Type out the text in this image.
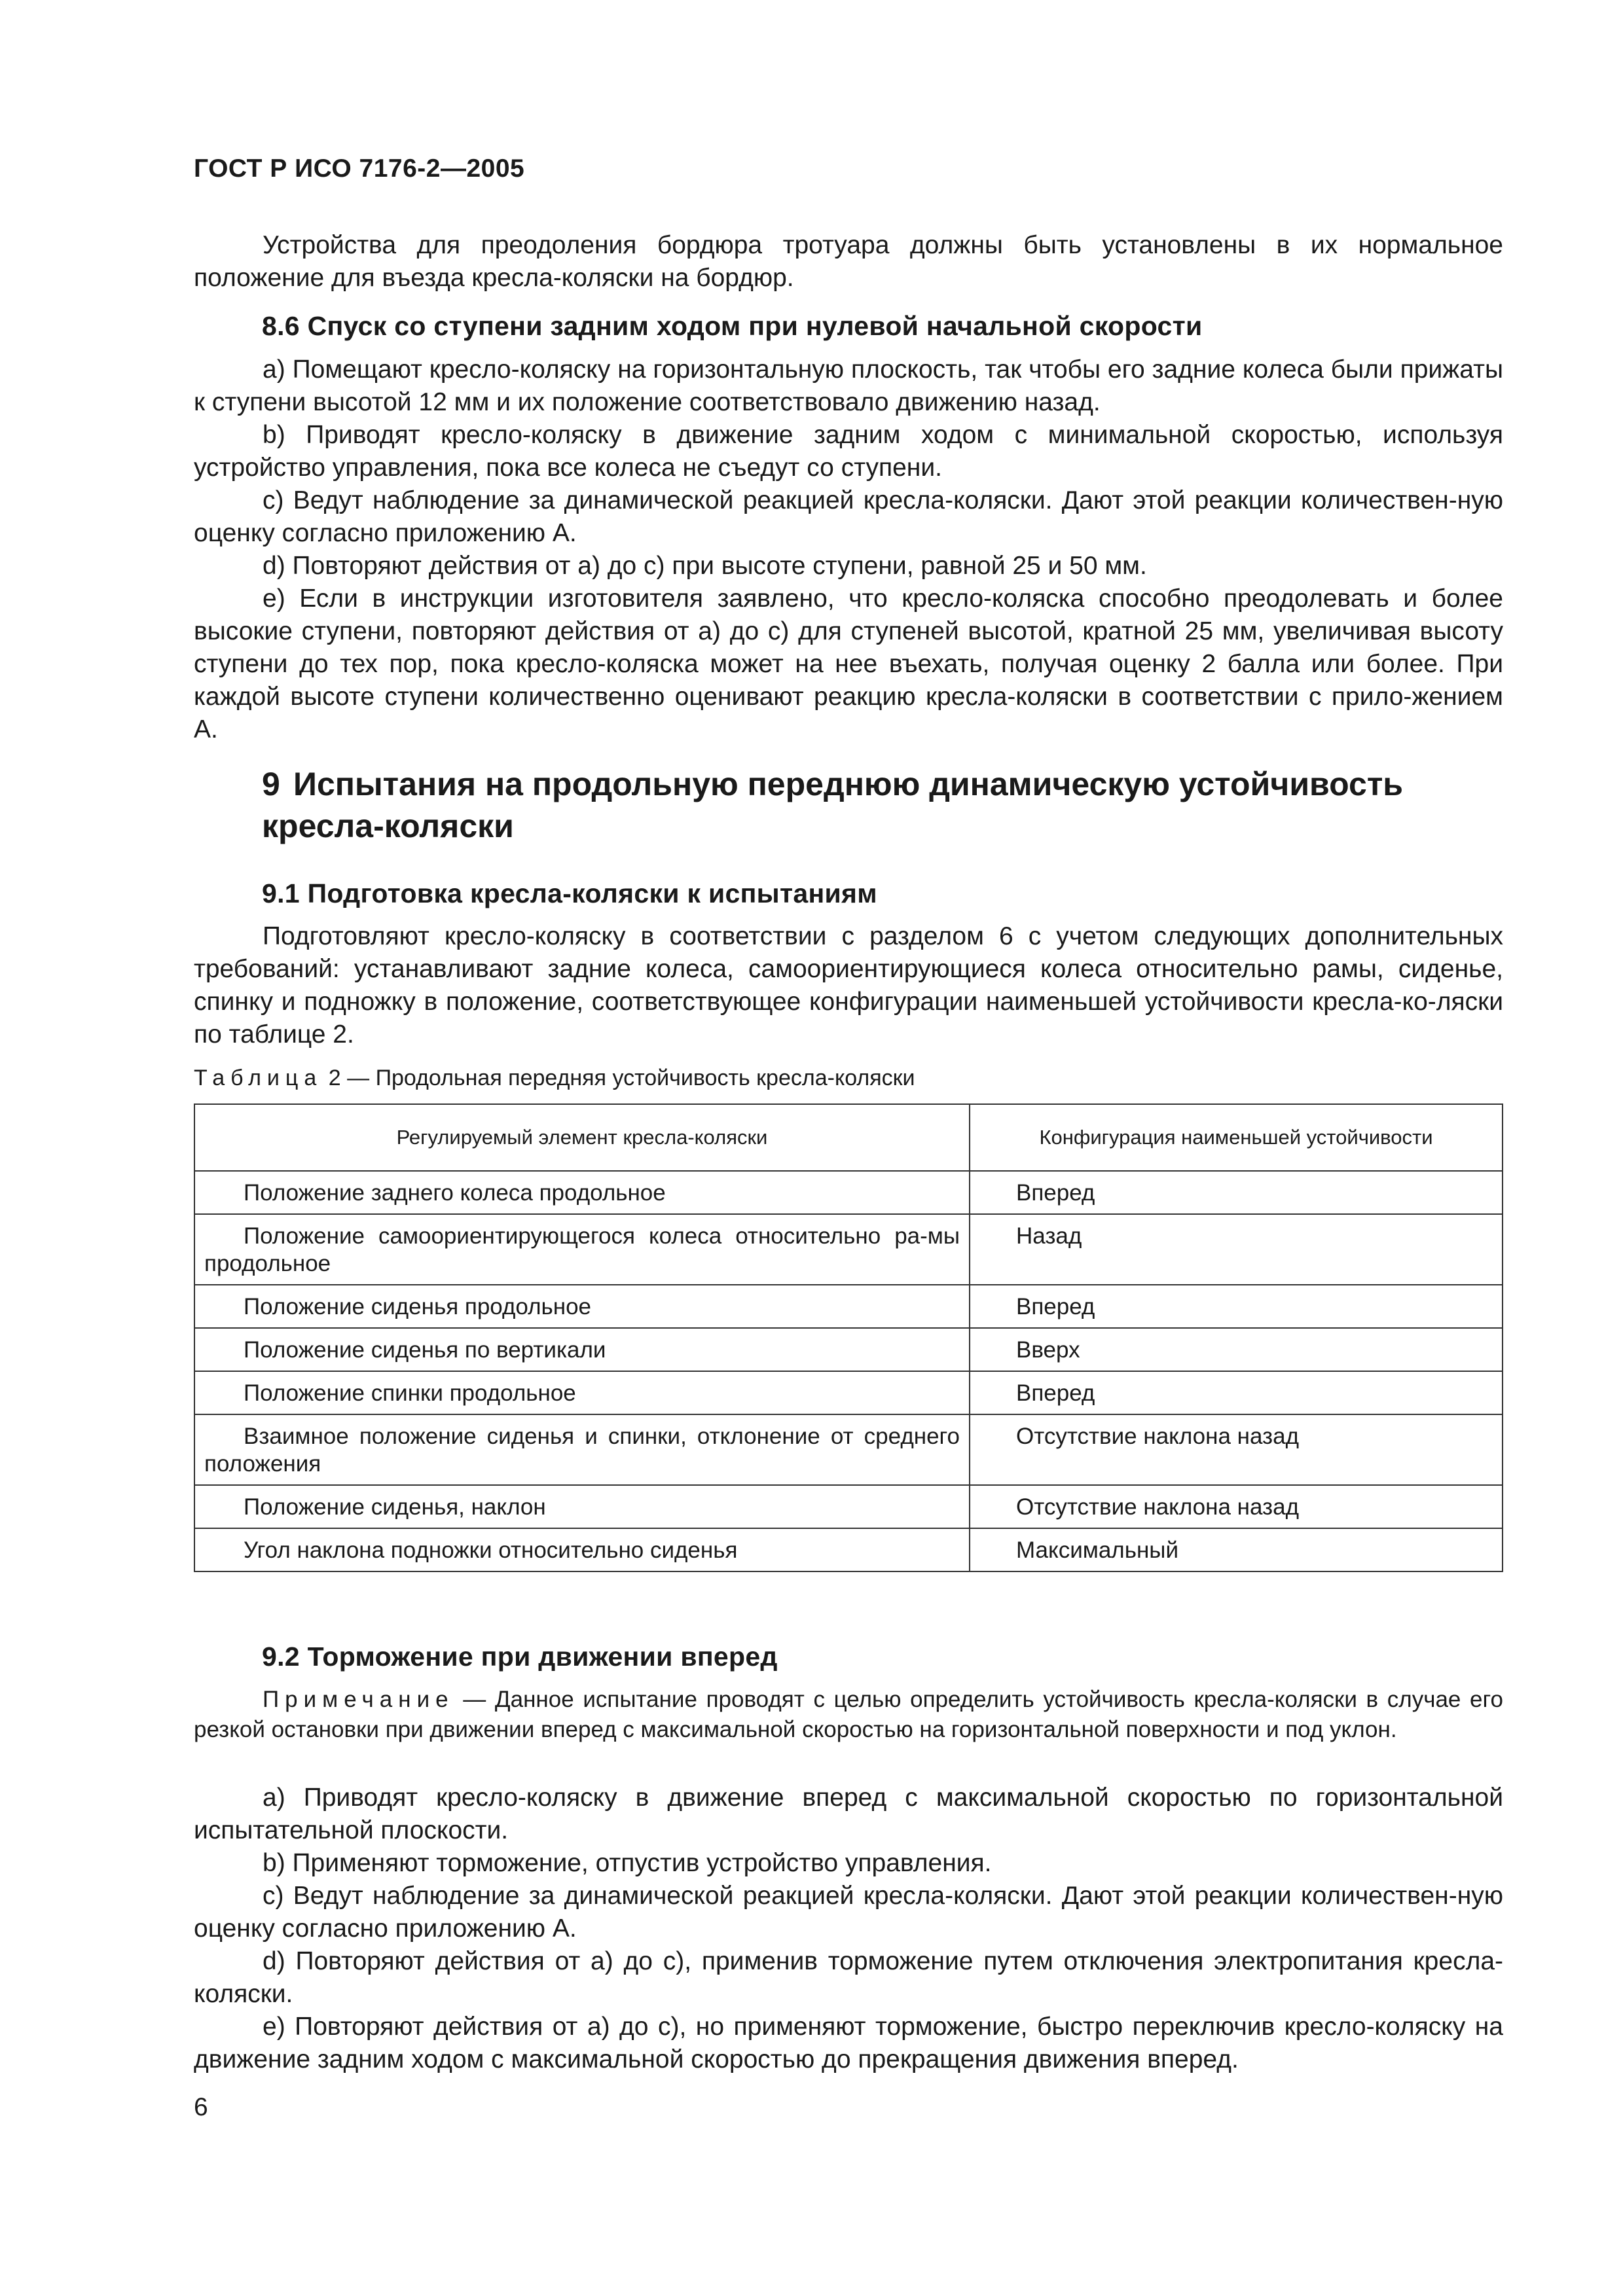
ГОСТ Р ИСО 7176-2—2005

Устройства для преодоления бордюра тротуара должны быть установлены в их нормальное положение для въезда кресла-коляски на бордюр.

8.6 Спуск со ступени задним ходом при нулевой начальной скорости

a) Помещают кресло-коляску на горизонтальную плоскость, так чтобы его задние колеса были прижаты к ступени высотой 12 мм и их положение соответствовало движению назад.

b) Приводят кресло-коляску в движение задним ходом с минимальной скоростью, используя устройство управления, пока все колеса не съедут со ступени.

c) Ведут наблюдение за динамической реакцией кресла-коляски. Дают этой реакции количествен-ную оценку согласно приложению А.

d) Повторяют действия от a) до c) при высоте ступени, равной 25 и 50 мм.

e) Если в инструкции изготовителя заявлено, что кресло-коляска способно преодолевать и более высокие ступени, повторяют действия от a) до c) для ступеней высотой, кратной 25 мм, увеличивая высоту ступени до тех пор, пока кресло-коляска может на нее въехать, получая оценку 2 балла или более. При каждой высоте ступени количественно оценивают реакцию кресла-коляски в соответствии с прило-жением А.

9 Испытания на продольную переднюю динамическую устойчивость кресла-коляски
9.1 Подготовка кресла-коляски к испытаниям

Подготовляют кресло-коляску в соответствии с разделом 6 с учетом следующих дополнительных требований: устанавливают задние колеса, самоориентирующиеся колеса относительно рамы, сиденье, спинку и подножку в положение, соответствующее конфигурации наименьшей устойчивости кресла-ко-ляски по таблице 2.

Таблица 2 — Продольная передняя устойчивость кресла-коляски
Регулируемый элемент кресла-коляски	Конфигурация наименьшей устойчивости
Положение заднего колеса продольное	Вперед
Положение самоориентирующегося колеса относительно ра-мы продольное	Назад
Положение сиденья продольное	Вперед
Положение сиденья по вертикали	Вверх
Положение спинки продольное	Вперед
Взаимное положение сиденья и спинки, отклонение от среднего положения	Отсутствие наклона назад
Положение сиденья, наклон	Отсутствие наклона назад
Угол наклона подножки относительно сиденья	Максимальный
9.2 Торможение при движении вперед
Примечание — Данное испытание проводят с целью определить устойчивость кресла-коляски в случае его резкой остановки при движении вперед с максимальной скоростью на горизонтальной поверхности и под уклон.

a) Приводят кресло-коляску в движение вперед с максимальной скоростью по горизонтальной испытательной плоскости.

b) Применяют торможение, отпустив устройство управления.

c) Ведут наблюдение за динамической реакцией кресла-коляски. Дают этой реакции количествен-ную оценку согласно приложению А.

d) Повторяют действия от a) до c), применив торможение путем отключения электропитания кресла-коляски.

e) Повторяют действия от a) до c), но применяют торможение, быстро переключив кресло-коляску на движение задним ходом с максимальной скоростью до прекращения движения вперед.

6
